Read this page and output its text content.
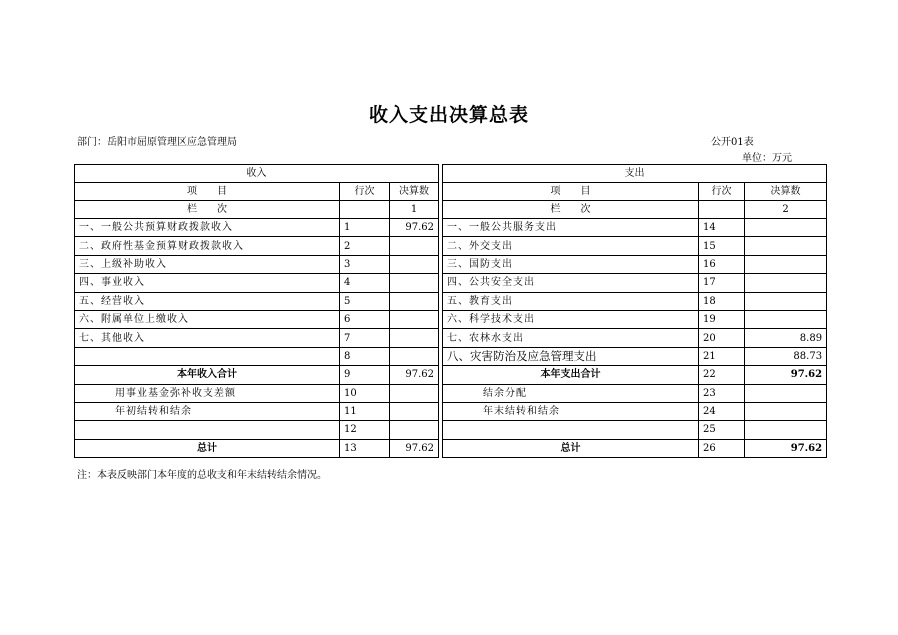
收入支出决算总表
部门：岳阳市屈原管理区应急管理局	公开01表
单位：万元
收入				支出		
项　　目	行次	决算数		项　　目	行次	决算数
栏　　次		1		栏　　次		2
一、一般公共预算财政拨款收入	1	97.62		一、一般公共服务支出	14	
二、政府性基金预算财政拨款收入	2			二、外交支出	15	
三、上级补助收入	3			三、国防支出	16	
四、事业收入	4			四、公共安全支出	17	
五、经营收入	5			五、教育支出	18	
六、附属单位上缴收入	6			六、科学技术支出	19	
七、其他收入	7			七、农林水支出	20	8.89
	8			八、灾害防治及应急管理支出	21	88.73
本年收入合计	9	97.62		本年支出合计	22	97.62
用事业基金弥补收支差额	10			结余分配	23	
年初结转和结余	11			年末结转和结余	24	
	12				25	
总计	13	97.62		总计	26	97.62
注：本表反映部门本年度的总收支和年末结转结余情况。
